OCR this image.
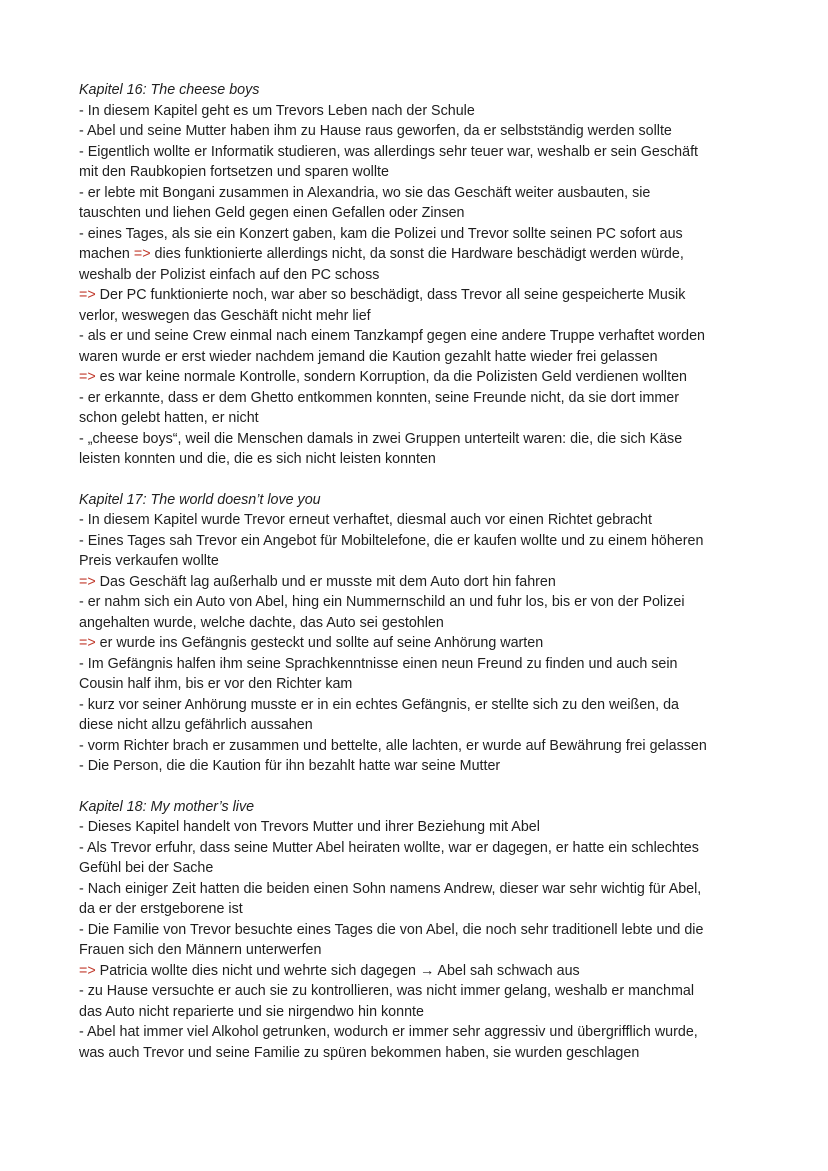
Kapitel 16: The cheese boys
- In diesem Kapitel geht es um Trevors Leben nach der Schule
- Abel und seine Mutter haben ihm zu Hause raus geworfen, da er selbstständig werden sollte
- Eigentlich wollte er Informatik studieren, was allerdings sehr teuer war, weshalb er sein Geschäft
mit den Raubkopien fortsetzen und sparen wollte
- er lebte mit Bongani zusammen in Alexandria, wo sie das Geschäft weiter ausbauten, sie
tauschten und liehen Geld gegen einen Gefallen oder Zinsen
- eines Tages, als sie ein Konzert gaben, kam die Polizei und Trevor sollte seinen PC sofort aus
machen => dies funktionierte allerdings nicht, da sonst die Hardware beschädigt werden würde,
weshalb der Polizist einfach auf den PC schoss
=> Der PC funktionierte noch, war aber so beschädigt, dass Trevor all seine gespeicherte Musik
verlor, weswegen das Geschäft nicht mehr lief
- als er und seine Crew einmal nach einem Tanzkampf gegen eine andere Truppe verhaftet worden
waren wurde er erst wieder nachdem jemand die Kaution gezahlt hatte wieder frei gelassen
=> es war keine normale Kontrolle, sondern Korruption, da die Polizisten Geld verdienen wollten
- er erkannte, dass er dem Ghetto entkommen konnten, seine Freunde nicht, da sie dort immer
schon gelebt hatten, er nicht
- „cheese boys“, weil die Menschen damals in zwei Gruppen unterteilt waren: die, die sich Käse
leisten konnten und die, die es sich nicht leisten konnten
Kapitel 17: The world doesn’t love you
- In diesem Kapitel wurde Trevor erneut verhaftet, diesmal auch vor einen Richtet gebracht
- Eines Tages sah Trevor ein Angebot für Mobiltelefone, die er kaufen wollte und zu einem höheren
Preis verkaufen wollte
=> Das Geschäft lag außerhalb und er musste mit dem Auto dort hin fahren
- er nahm sich ein Auto von Abel, hing ein Nummernschild an und fuhr los, bis er von der Polizei
angehalten wurde, welche dachte, das Auto sei gestohlen
=> er wurde ins Gefängnis gesteckt und sollte auf seine Anhörung warten
- Im Gefängnis halfen ihm seine Sprachkenntnisse einen neun Freund zu finden und auch sein
Cousin half ihm, bis er vor den Richter kam
- kurz vor seiner Anhörung musste er in ein echtes Gefängnis, er stellte sich zu den weißen, da
diese nicht allzu gefährlich aussahen
- vorm Richter brach er zusammen und bettelte, alle lachten, er wurde auf Bewährung frei gelassen
- Die Person, die die Kaution für ihn bezahlt hatte war seine Mutter
Kapitel 18: My mother’s live
- Dieses Kapitel handelt von Trevors Mutter und ihrer Beziehung mit Abel
- Als Trevor erfuhr, dass seine Mutter Abel heiraten wollte, war er dagegen, er hatte ein schlechtes
Gefühl bei der Sache
- Nach einiger Zeit hatten die beiden einen Sohn namens Andrew, dieser war sehr wichtig für Abel,
da er der erstgeborene ist
- Die Familie von Trevor besuchte eines Tages die von Abel, die noch sehr traditionell lebte und die
Frauen sich den Männern unterwerfen
=> Patricia wollte dies nicht und wehrte sich dagegen → Abel sah schwach aus
- zu Hause versuchte er auch sie zu kontrollieren, was nicht immer gelang, weshalb er manchmal
das Auto nicht reparierte und sie nirgendwo hin konnte
- Abel hat immer viel Alkohol getrunken, wodurch er immer sehr aggressiv und übergrifflich wurde,
was auch Trevor und seine Familie zu spüren bekommen haben, sie wurden geschlagen
